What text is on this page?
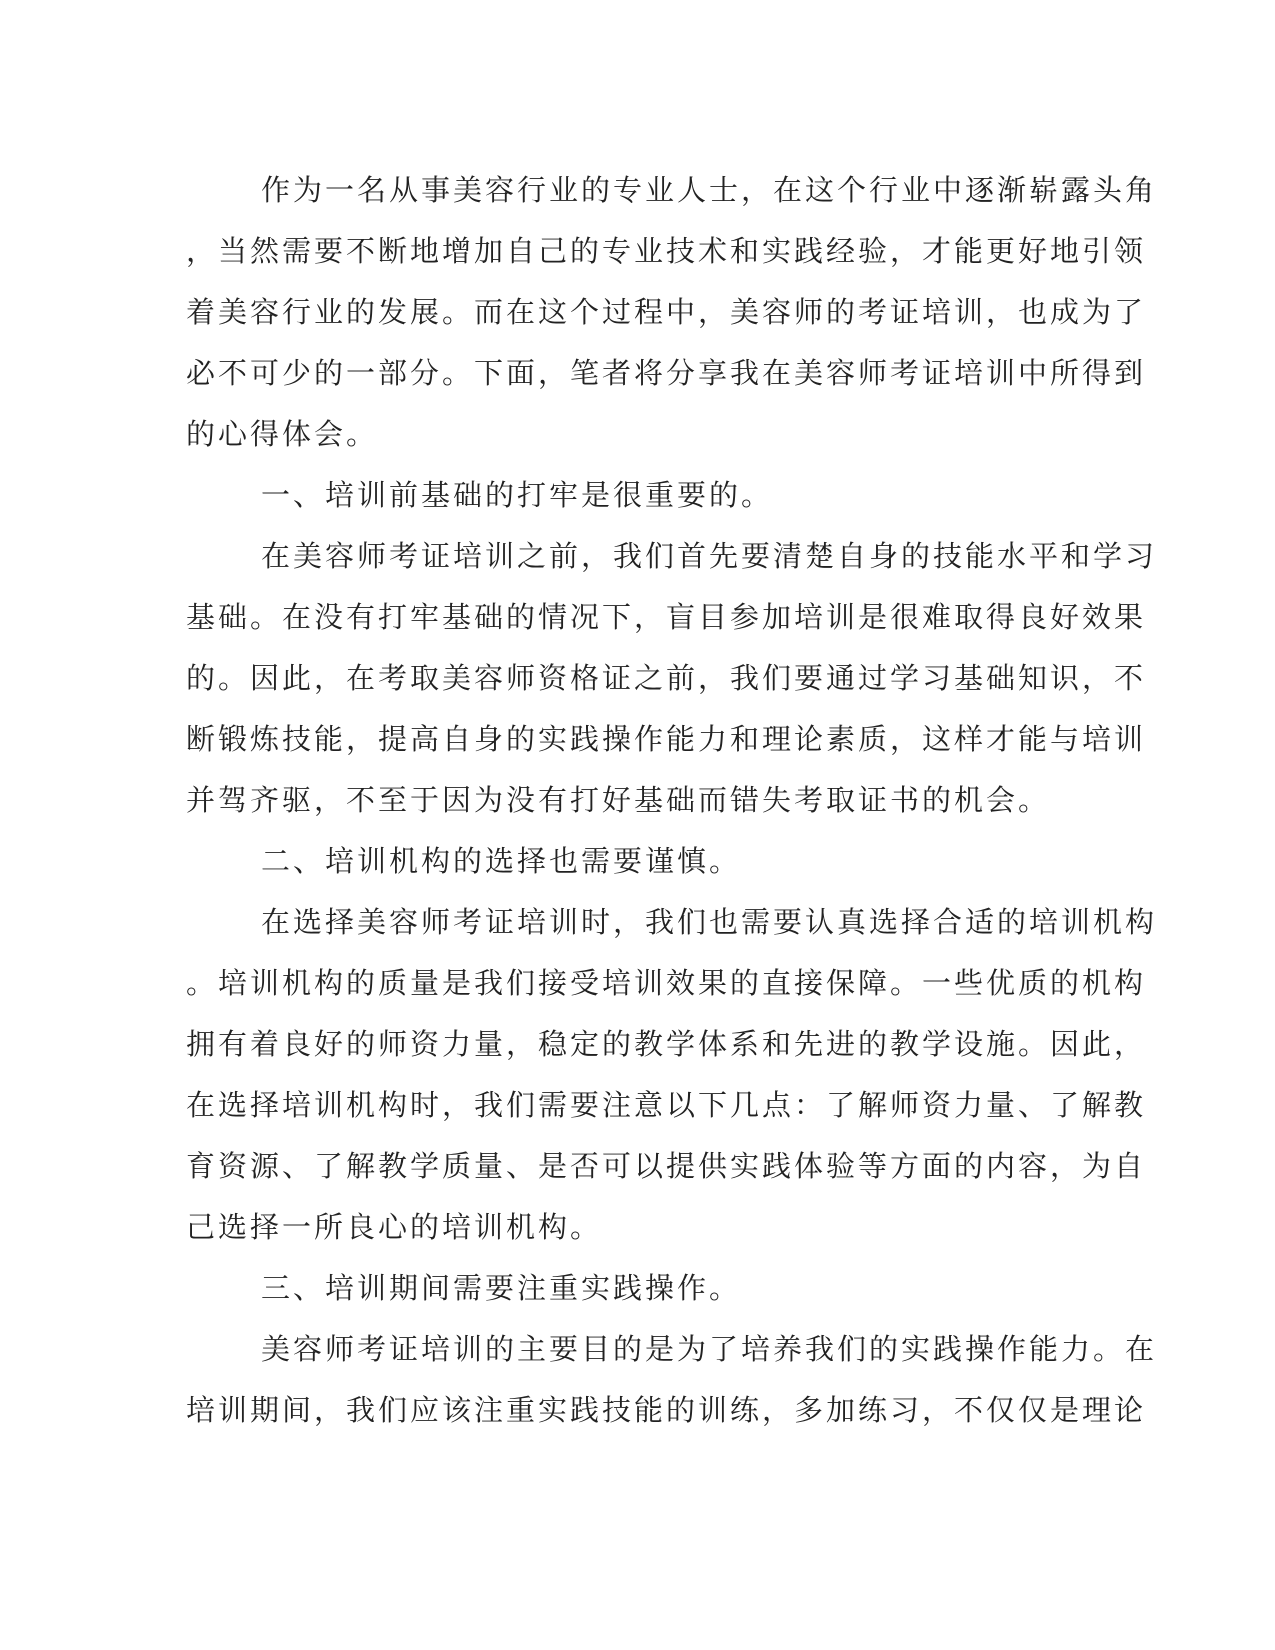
作为一名从事美容行业的专业人士，在这个行业中逐渐崭露头角
，当然需要不断地增加自己的专业技术和实践经验，才能更好地引领
着美容行业的发展。而在这个过程中，美容师的考证培训，也成为了
必不可少的一部分。下面，笔者将分享我在美容师考证培训中所得到
的心得体会。
一、培训前基础的打牢是很重要的。
在美容师考证培训之前，我们首先要清楚自身的技能水平和学习
基础。在没有打牢基础的情况下，盲目参加培训是很难取得良好效果
的。因此，在考取美容师资格证之前，我们要通过学习基础知识，不
断锻炼技能，提高自身的实践操作能力和理论素质，这样才能与培训
并驾齐驱，不至于因为没有打好基础而错失考取证书的机会。
二、培训机构的选择也需要谨慎。
在选择美容师考证培训时，我们也需要认真选择合适的培训机构
。培训机构的质量是我们接受培训效果的直接保障。一些优质的机构
拥有着良好的师资力量，稳定的教学体系和先进的教学设施。因此，
在选择培训机构时，我们需要注意以下几点：了解师资力量、了解教
育资源、了解教学质量、是否可以提供实践体验等方面的内容，为自
己选择一所良心的培训机构。
三、培训期间需要注重实践操作。
美容师考证培训的主要目的是为了培养我们的实践操作能力。在
培训期间，我们应该注重实践技能的训练，多加练习，不仅仅是理论
